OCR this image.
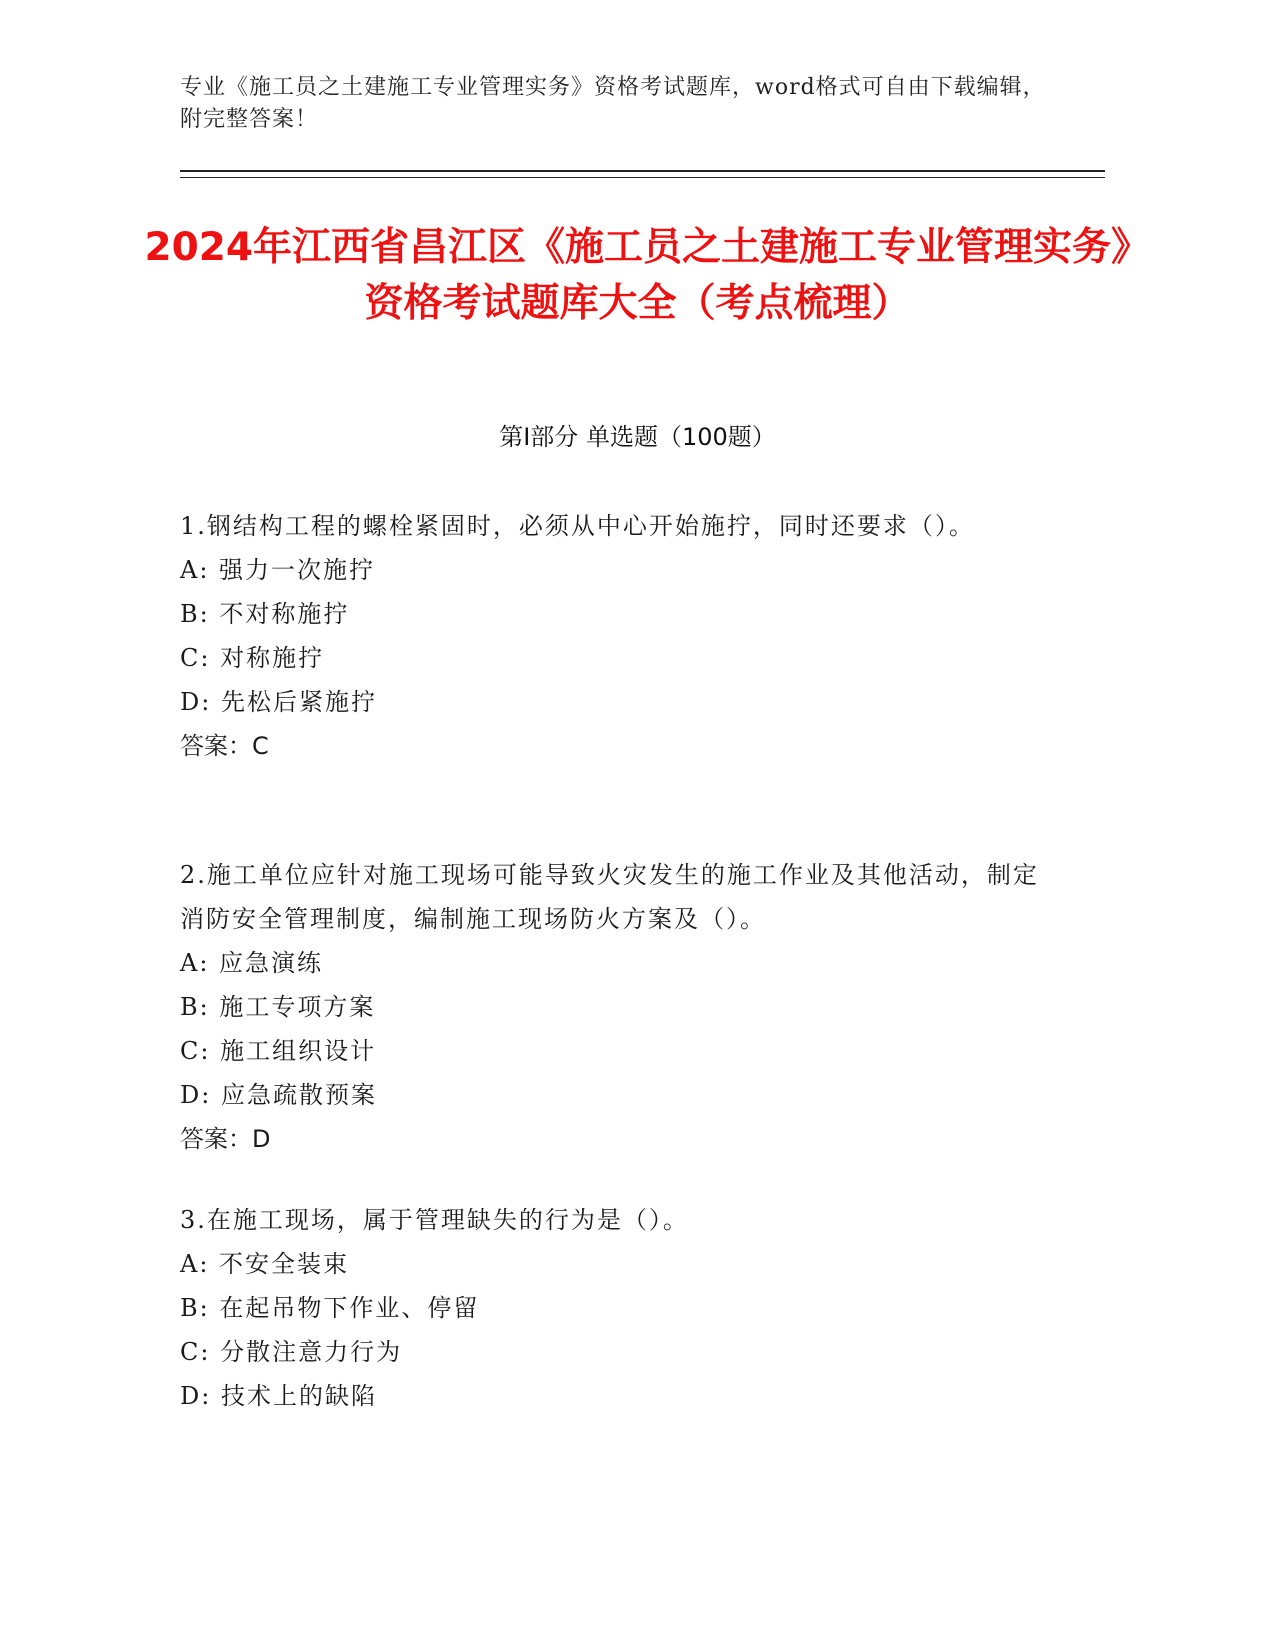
专业《施工员之土建施工专业管理实务》资格考试题库，word格式可自由下载编辑，附完整答案！
2024年江西省昌江区《施工员之土建施工专业管理实务》资格考试题库大全（考点梳理）
第Ⅰ部分 单选题（100题）

1.钢结构工程的螺栓紧固时，必须从中心开始施拧，同时还要求（）。

A: 强力一次施拧

B: 不对称施拧

C: 对称施拧

D: 先松后紧施拧

答案：C

2.施工单位应针对施工现场可能导致火灾发生的施工作业及其他活动，制定消防安全管理制度，编制施工现场防火方案及（）。

A: 应急演练

B: 施工专项方案

C: 施工组织设计

D: 应急疏散预案

答案：D

3.在施工现场，属于管理缺失的行为是（）。

A: 不安全装束

B: 在起吊物下作业、停留

C: 分散注意力行为

D: 技术上的缺陷
